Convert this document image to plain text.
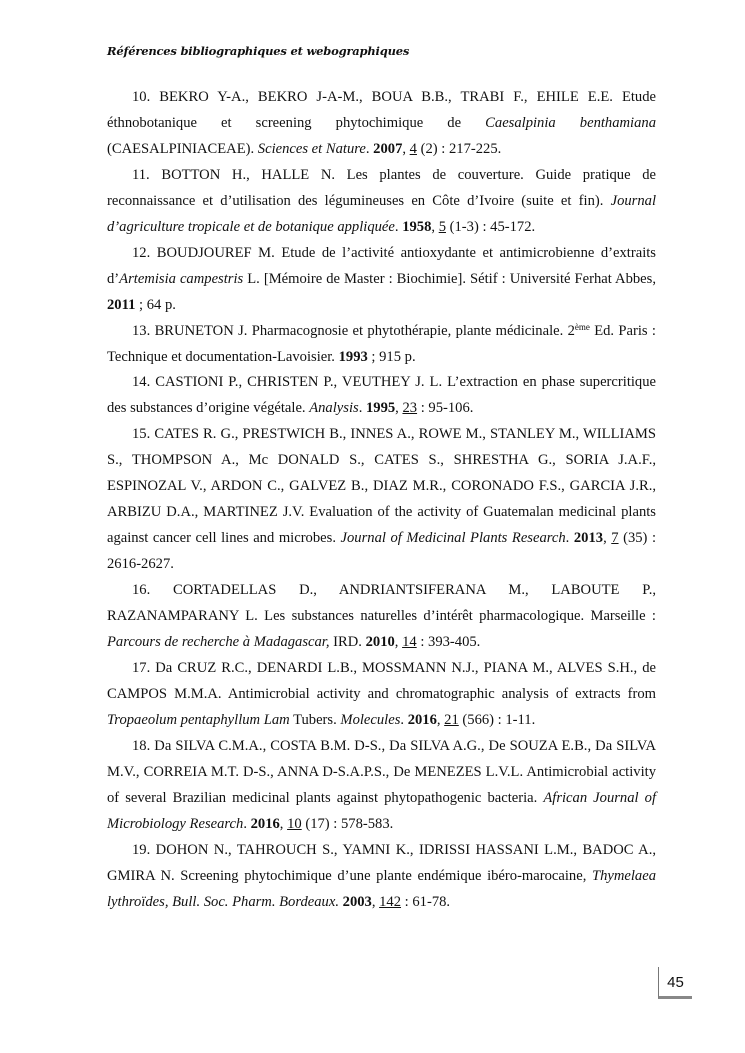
Références bibliographiques et webographiques

10. BEKRO Y-A., BEKRO J-A-M., BOUA B.B., TRABI F., EHILE E.E. Etude éthnobotanique et screening phytochimique de Caesalpinia benthamiana (CAESALPINIACEAE). Sciences et Nature. 2007, 4 (2) : 217-225.

11. BOTTON H., HALLE N. Les plantes de couverture. Guide pratique de reconnaissance et d’utilisation des légumineuses en Côte d’Ivoire (suite et fin). Journal d’agriculture tropicale et de botanique appliquée. 1958, 5 (1-3) : 45-172.

12. BOUDJOUREF M. Etude de l’activité antioxydante et antimicrobienne d’extraits d’Artemisia campestris L. [Mémoire de Master : Biochimie]. Sétif : Université Ferhat Abbes, 2011 ; 64 p.

13. BRUNETON J. Pharmacognosie et phytothérapie, plante médicinale. 2ème Ed. Paris : Technique et documentation-Lavoisier. 1993 ; 915 p.

14. CASTIONI P., CHRISTEN P., VEUTHEY J. L. L’extraction en phase supercritique des substances d’origine végétale. Analysis. 1995, 23 : 95-106.

15. CATES R. G., PRESTWICH B., INNES A., ROWE M., STANLEY M., WILLIAMS S., THOMPSON A., Mc DONALD S., CATES S., SHRESTHA G., SORIA J.A.F., ESPINOZAL V., ARDON C., GALVEZ B., DIAZ M.R., CORONADO F.S., GARCIA J.R., ARBIZU D.A., MARTINEZ J.V. Evaluation of the activity of Guatemalan medicinal plants against cancer cell lines and microbes. Journal of Medicinal Plants Research. 2013, 7 (35) : 2616-2627.

16. CORTADELLAS D., ANDRIANTSIFERANA M., LABOUTE P., RAZANAMPARANY L. Les substances naturelles d’intérêt pharmacologique. Marseille : Parcours de recherche à Madagascar, IRD. 2010, 14 : 393-405.

17. Da CRUZ R.C., DENARDI L.B., MOSSMANN N.J., PIANA M., ALVES S.H., de CAMPOS M.M.A. Antimicrobial activity and chromatographic analysis of extracts from Tropaeolum pentaphyllum Lam Tubers. Molecules. 2016, 21 (566) : 1-11.

18. Da SILVA C.M.A., COSTA B.M. D-S., Da SILVA A.G., De SOUZA E.B., Da SILVA M.V., CORREIA M.T. D-S., ANNA D-S.A.P.S., De MENEZES L.V.L. Antimicrobial activity of several Brazilian medicinal plants against phytopathogenic bacteria. African Journal of Microbiology Research. 2016, 10 (17) : 578-583.

19. DOHON N., TAHROUCH S., YAMNI K., IDRISSI HASSANI L.M., BADOC A., GMIRA N. Screening phytochimique d’une plante endémique ibéro-marocaine, Thymelaea lythroïdes, Bull. Soc. Pharm. Bordeaux. 2003, 142 : 61-78.

45
